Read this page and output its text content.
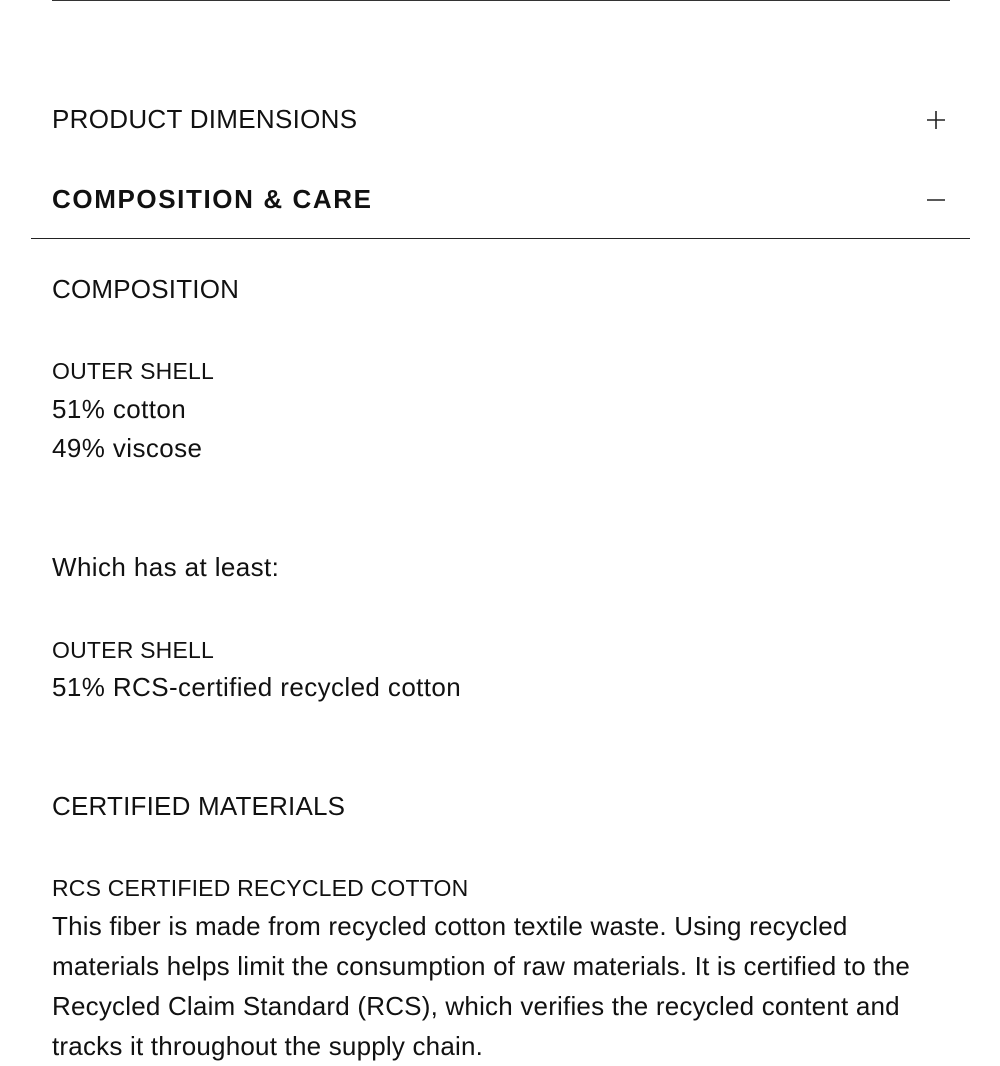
PRODUCT DIMENSIONS
COMPOSITION & CARE
COMPOSITION
OUTER SHELL
51% cotton
49% viscose
Which has at least:
OUTER SHELL
51% RCS-certified recycled cotton
CERTIFIED MATERIALS
RCS CERTIFIED RECYCLED COTTON
This fiber is made from recycled cotton textile waste. Using recycled materials helps limit the consumption of raw materials. It is certified to the Recycled Claim Standard (RCS), which verifies the recycled content and tracks it throughout the supply chain.
